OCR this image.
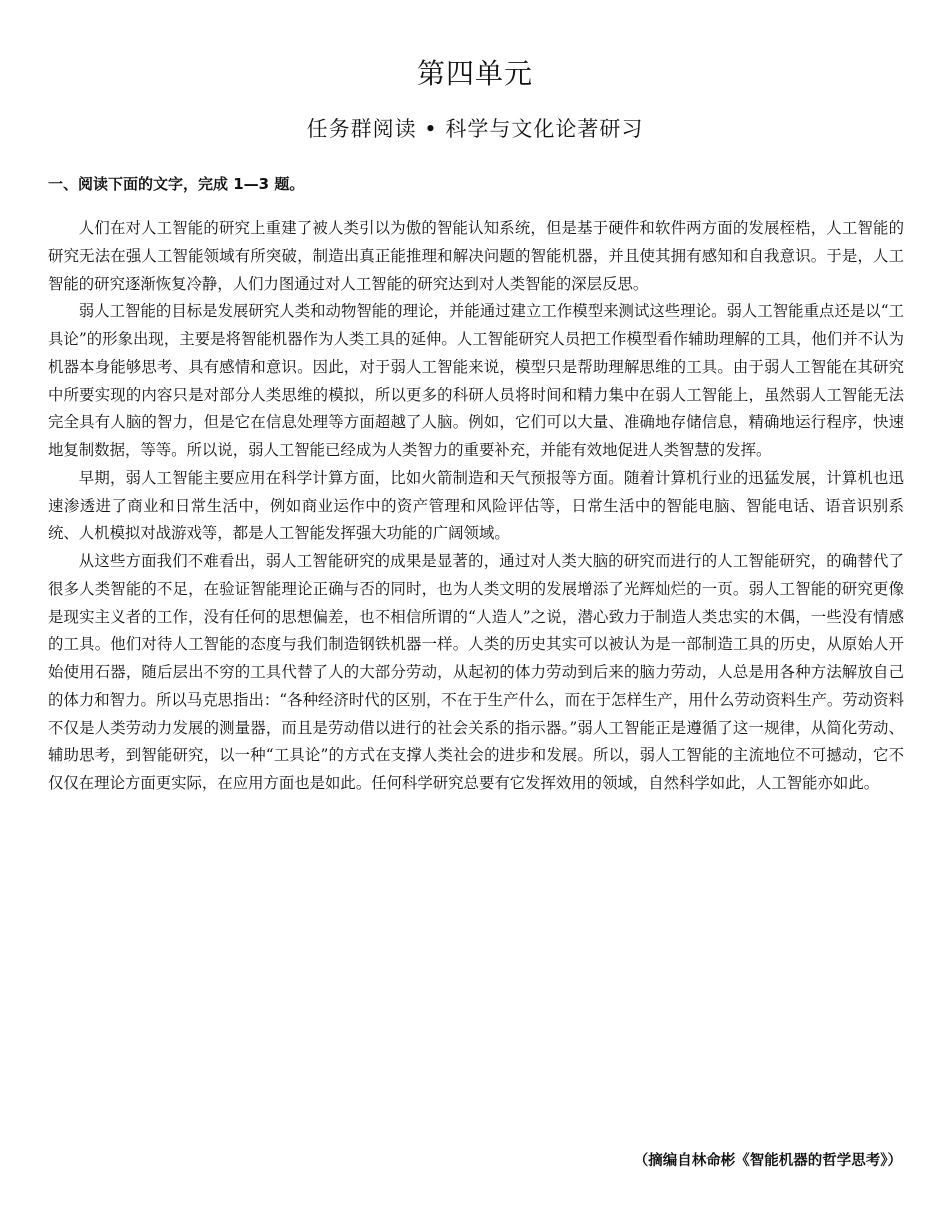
第四单元
任务群阅读 • 科学与文化论著研习
一、阅读下面的文字，完成 1—3 题。

人们在对人工智能的研究上重建了被人类引以为傲的智能认知系统，但是基于硬件和软件两方面的发展桎梏，人工智能的研究无法在强人工智能领域有所突破，制造出真正能推理和解决问题的智能机器，并且使其拥有感知和自我意识。于是，人工智能的研究逐渐恢复冷静，人们力图通过对人工智能的研究达到对人类智能的深层反思。

弱人工智能的目标是发展研究人类和动物智能的理论，并能通过建立工作模型来测试这些理论。弱人工智能重点还是以“工具论”的形象出现，主要是将智能机器作为人类工具的延伸。人工智能研究人员把工作模型看作辅助理解的工具，他们并不认为机器本身能够思考、具有感情和意识。因此，对于弱人工智能来说，模型只是帮助理解思维的工具。由于弱人工智能在其研究中所要实现的内容只是对部分人类思维的模拟，所以更多的科研人员将时间和精力集中在弱人工智能上，虽然弱人工智能无法完全具有人脑的智力，但是它在信息处理等方面超越了人脑。例如，它们可以大量、准确地存储信息，精确地运行程序，快速地复制数据，等等。所以说，弱人工智能已经成为人类智力的重要补充，并能有效地促进人类智慧的发挥。

早期，弱人工智能主要应用在科学计算方面，比如火箭制造和天气预报等方面。随着计算机行业的迅猛发展，计算机也迅速渗透进了商业和日常生活中，例如商业运作中的资产管理和风险评估等，日常生活中的智能电脑、智能电话、语音识别系统、人机模拟对战游戏等，都是人工智能发挥强大功能的广阔领域。

从这些方面我们不难看出，弱人工智能研究的成果是显著的，通过对人类大脑的研究而进行的人工智能研究，的确替代了很多人类智能的不足，在验证智能理论正确与否的同时，也为人类文明的发展增添了光辉灿烂的一页。弱人工智能的研究更像是现实主义者的工作，没有任何的思想偏差，也不相信所谓的“人造人”之说，潜心致力于制造人类忠实的木偶，一些没有情感的工具。他们对待人工智能的态度与我们制造钢铁机器一样。人类的历史其实可以被认为是一部制造工具的历史，从原始人开始使用石器，随后层出不穷的工具代替了人的大部分劳动，从起初的体力劳动到后来的脑力劳动，人总是用各种方法解放自己的体力和智力。所以马克思指出：“各种经济时代的区别，不在于生产什么，而在于怎样生产，用什么劳动资料生产。劳动资料不仅是人类劳动力发展的测量器，而且是劳动借以进行的社会关系的指示器。”弱人工智能正是遵循了这一规律，从简化劳动、辅助思考，到智能研究，以一种“工具论”的方式在支撑人类社会的进步和发展。所以，弱人工智能的主流地位不可撼动，它不仅仅在理论方面更实际，在应用方面也是如此。任何科学研究总要有它发挥效用的领域，自然科学如此，人工智能亦如此。

（摘编自林命彬《智能机器的哲学思考》）
